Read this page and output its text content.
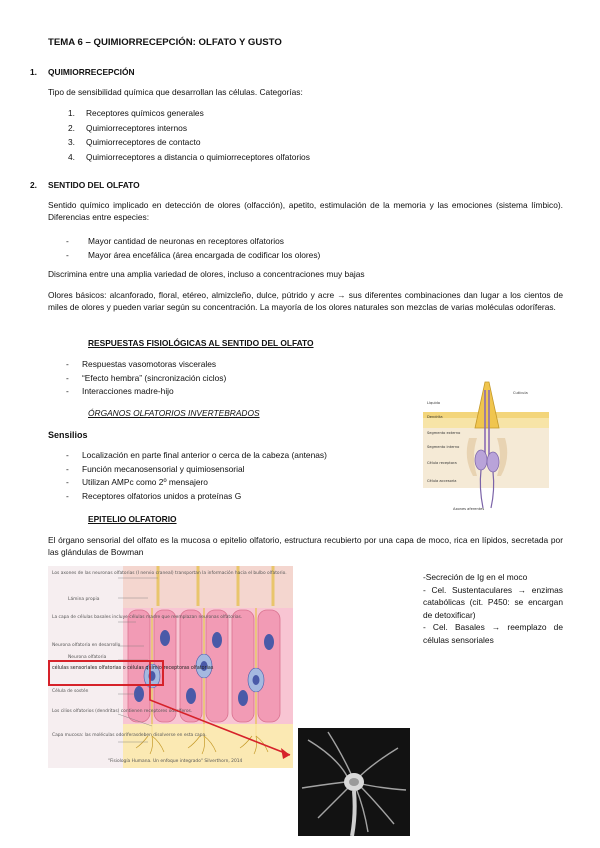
TEMA 6 – QUIMIORRECEPCIÓN: OLFATO Y GUSTO
1. QUIMIORRECEPCIÓN
Tipo de sensibilidad química que desarrollan las células. Categorías:
1. Receptores químicos generales
2. Quimiorreceptores internos
3. Quimiorreceptores de contacto
4. Quimiorreceptores a distancia o quimiorreceptores olfatorios
2. SENTIDO DEL OLFATO
Sentido químico implicado en detección de olores (olfacción), apetito, estimulación de la memoria y las emociones (sistema límbico). Diferencias entre especies:
- Mayor cantidad de neuronas en receptores olfatorios
- Mayor área encefálica (área encargada de codificar los olores)
Discrimina entre una amplia variedad de olores, incluso a concentraciones muy bajas
Olores básicos: alcanforado, floral, etéreo, almizcleño, dulce, pútrido y acre → sus diferentes combinaciones dan lugar a los cientos de miles de olores y pueden variar según su concentración. La mayoría de los olores naturales son mezclas de varias moléculas odoríferas.
RESPUESTAS FISIOLÓGICAS AL SENTIDO DEL OLFATO
- Respuestas vasomotoras viscerales
- “Efecto hembra” (sincronización ciclos)
- Interacciones madre-hijo
ÓRGANOS OLFATORIOS INVERTEBRADOS
Sensilios
- Localización en parte final anterior o cerca de la cabeza (antenas)
- Función mecanosensorial y quimiosensorial
- Utilizan AMPc como 2º mensajero
- Receptores olfatorios unidos a proteínas G
EPITELIO OLFATORIO
El órgano sensorial del olfato es la mucosa o epitelio olfatorio, estructura recubierto por una capa de moco, rica en lípidos, secretada por las glándulas de Bowman
-Secreción de Ig en el moco
- Cel. Sustentaculares → enzimas catabólicas (cit. P450: se encargan de detoxificar)
- Cel. Basales → reemplazo de células sensoriales
Cutícula
Líquido
Dendrita
Segmento externo
Segmento interno
Célula receptora
Célula accesoria
Axones aferentes
Los axones de las neuronas olfatorias (I nervio craneal) transportan la información hacia el bulbo olfatorio.
Lámina propia
La capa de células basales incluye células madre que reemplazan neuronas olfatorias.
Neurona olfatoria en desarrollo
Neurona olfatoria
Célula de sostén
Los cilios olfatorios (dendritas) contienen receptores odoríferos.
Capa mucosa: las moléculas odoríferasdeben disolverse en esta capa.
"Fisiología Humana. Un enfoque integrado" Silverthorn, 2014
células sensoriales olfatorias o células quimiorreceptoras olfatorias
